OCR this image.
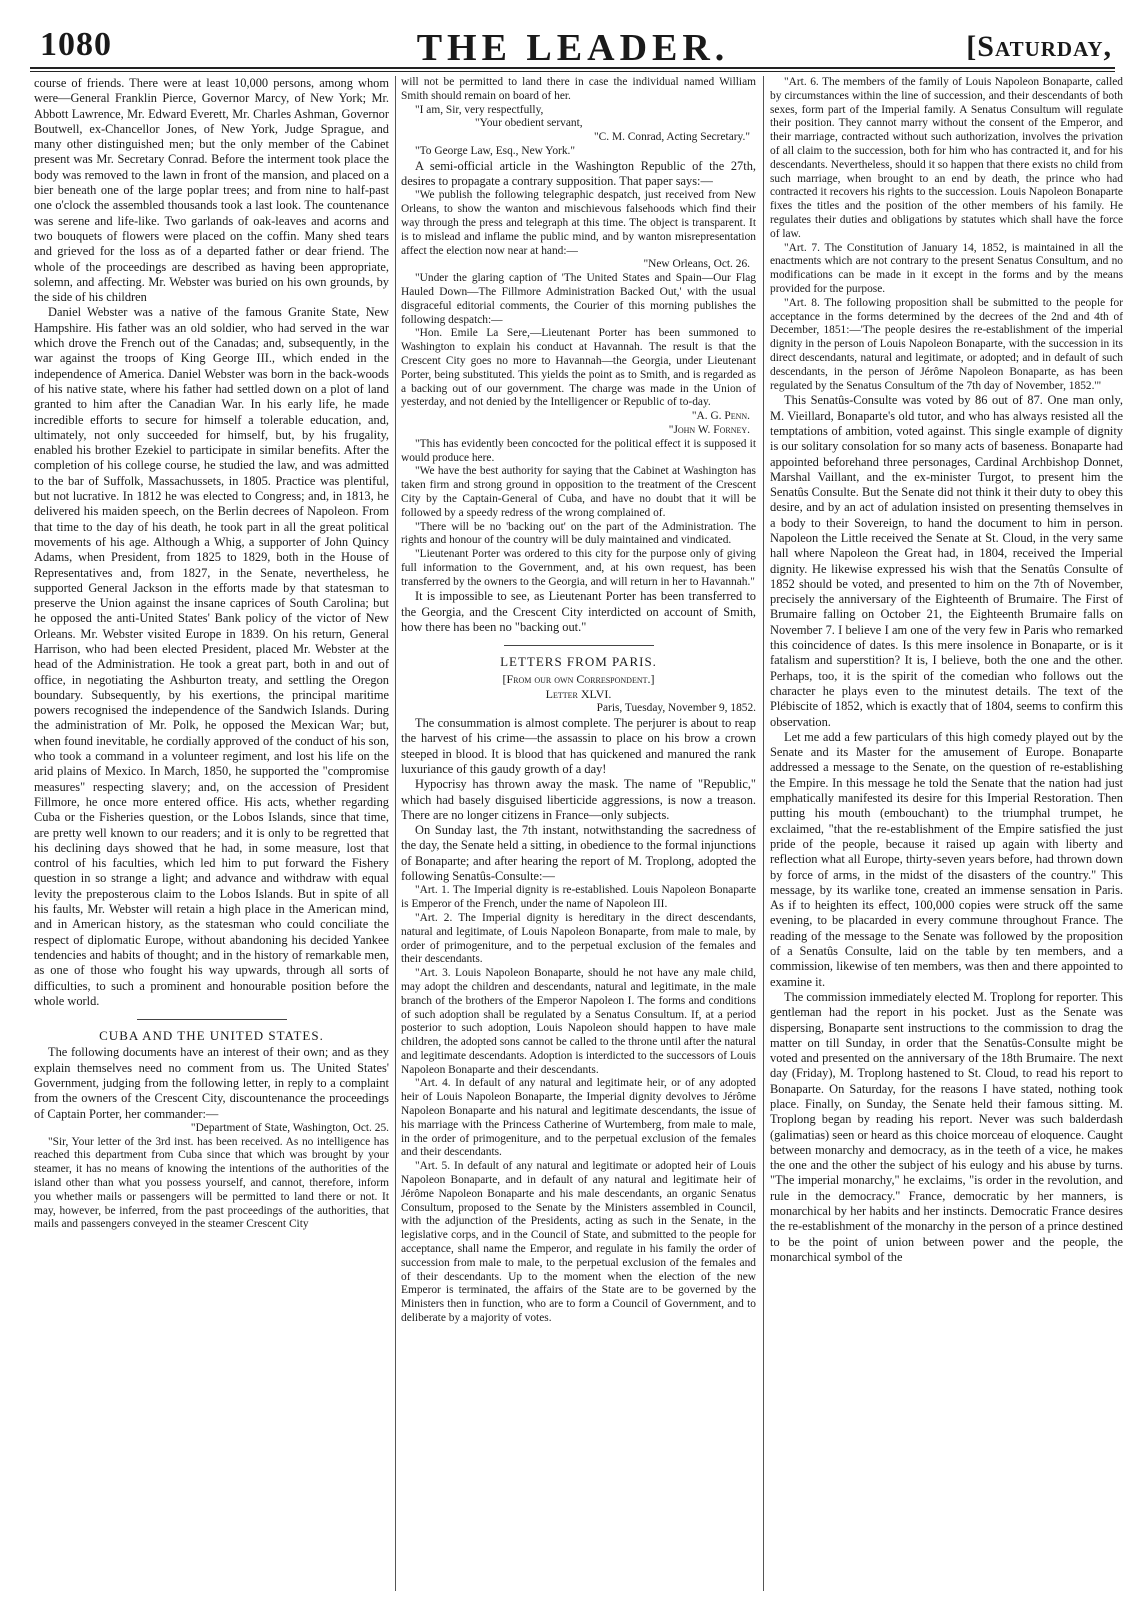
1080	THE LEADER.	[Saturday,

course of friends. There were at least 10,000 persons, among whom were—General Franklin Pierce, Governor Marcy, of New York; Mr. Abbott Lawrence, Mr. Edward Everett, Mr. Charles Ashman, Governor Boutwell, ex-Chancellor Jones, of New York, Judge Sprague, and many other distinguished men; but the only member of the Cabinet present was Mr. Secretary Conrad. Before the interment took place the body was removed to the lawn in front of the mansion, and placed on a bier beneath one of the large poplar trees; and from nine to half-past one o'clock the assembled thousands took a last look. The countenance was serene and life-like. Two garlands of oak-leaves and acorns and two bouquets of flowers were placed on the coffin. Many shed tears and grieved for the loss as of a departed father or dear friend. The whole of the proceedings are described as having been appropriate, solemn, and affecting. Mr. Webster was buried on his own grounds, by the side of his children

Daniel Webster was a native of the famous Granite State, New Hampshire. His father was an old soldier, who had served in the war which drove the French out of the Canadas; and, subsequently, in the war against the troops of King George III., which ended in the independence of America. Daniel Webster was born in the back-woods of his native state, where his father had settled down on a plot of land granted to him after the Canadian War. In his early life, he made incredible efforts to secure for himself a tolerable education, and, ultimately, not only succeeded for himself, but, by his frugality, enabled his brother Ezekiel to participate in similar benefits. After the completion of his college course, he studied the law, and was admitted to the bar of Suffolk, Massachussets, in 1805. Practice was plentiful, but not lucrative. In 1812 he was elected to Congress; and, in 1813, he delivered his maiden speech, on the Berlin decrees of Napoleon. From that time to the day of his death, he took part in all the great political movements of his age. Although a Whig, a supporter of John Quincy Adams, when President, from 1825 to 1829, both in the House of Representatives and, from 1827, in the Senate, nevertheless, he supported General Jackson in the efforts made by that statesman to preserve the Union against the insane caprices of South Carolina; but he opposed the anti-United States' Bank policy of the victor of New Orleans. Mr. Webster visited Europe in 1839. On his return, General Harrison, who had been elected President, placed Mr. Webster at the head of the Administration. He took a great part, both in and out of office, in negotiating the Ashburton treaty, and settling the Oregon boundary. Subsequently, by his exertions, the principal maritime powers recognised the independence of the Sandwich Islands. During the administration of Mr. Polk, he opposed the Mexican War; but, when found inevitable, he cordially approved of the conduct of his son, who took a command in a volunteer regiment, and lost his life on the arid plains of Mexico. In March, 1850, he supported the "compromise measures" respecting slavery; and, on the accession of President Fillmore, he once more entered office. His acts, whether regarding Cuba or the Fisheries question, or the Lobos Islands, since that time, are pretty well known to our readers; and it is only to be regretted that his declining days showed that he had, in some measure, lost that control of his faculties, which led him to put forward the Fishery question in so strange a light; and advance and withdraw with equal levity the preposterous claim to the Lobos Islands. But in spite of all his faults, Mr. Webster will retain a high place in the American mind, and in American history, as the statesman who could conciliate the respect of diplomatic Europe, without abandoning his decided Yankee tendencies and habits of thought; and in the history of remarkable men, as one of those who fought his way upwards, through all sorts of difficulties, to such a prominent and honourable position before the whole world.

CUBA AND THE UNITED STATES.

The following documents have an interest of their own; and as they explain themselves need no comment from us. The United States' Government, judging from the following letter, in reply to a complaint from the owners of the Crescent City, discountenance the proceedings of Captain Porter, her commander:—

"Department of State, Washington, Oct. 25.

"Sir, Your letter of the 3rd inst. has been received. As no intelligence has reached this department from Cuba since that which was brought by your steamer, it has no means of knowing the intentions of the authorities of the island other than what you possess yourself, and cannot, therefore, inform you whether mails or passengers will be permitted to land there or not. It may, however, be inferred, from the past proceedings of the authorities, that mails and passengers conveyed in the steamer Crescent City

will not be permitted to land there in case the individual named William Smith should remain on board of her.

"I am, Sir, very respectfully,

"Your obedient servant,

"C. M. Conrad, Acting Secretary."

"To George Law, Esq., New York."

A semi-official article in the Washington Republic of the 27th, desires to propagate a contrary supposition. That paper says:—

"We publish the following telegraphic despatch, just received from New Orleans, to show the wanton and mischievous falsehoods which find their way through the press and telegraph at this time. The object is transparent. It is to mislead and inflame the public mind, and by wanton misrepresentation affect the election now near at hand:—

"New Orleans, Oct. 26.

"Under the glaring caption of 'The United States and Spain—Our Flag Hauled Down—The Fillmore Administration Backed Out,' with the usual disgraceful editorial comments, the Courier of this morning publishes the following despatch:—

"Hon. Emile La Sere,—Lieutenant Porter has been summoned to Washington to explain his conduct at Havannah. The result is that the Crescent City goes no more to Havannah—the Georgia, under Lieutenant Porter, being substituted. This yields the point as to Smith, and is regarded as a backing out of our government. The charge was made in the Union of yesterday, and not denied by the Intelligencer or Republic of to-day.

"A. G. Penn.

"John W. Forney.

"This has evidently been concocted for the political effect it is supposed it would produce here.

"We have the best authority for saying that the Cabinet at Washington has taken firm and strong ground in opposition to the treatment of the Crescent City by the Captain-General of Cuba, and have no doubt that it will be followed by a speedy redress of the wrong complained of.

"There will be no 'backing out' on the part of the Administration. The rights and honour of the country will be duly maintained and vindicated.

"Lieutenant Porter was ordered to this city for the purpose only of giving full information to the Government, and, at his own request, has been transferred by the owners to the Georgia, and will return in her to Havannah."

It is impossible to see, as Lieutenant Porter has been transferred to the Georgia, and the Crescent City interdicted on account of Smith, how there has been no "backing out."

LETTERS FROM PARIS.

[From our own Correspondent.]

Letter XLVI.

Paris, Tuesday, November 9, 1852.

The consummation is almost complete. The perjurer is about to reap the harvest of his crime—the assassin to place on his brow a crown steeped in blood. It is blood that has quickened and manured the rank luxuriance of this gaudy growth of a day!

Hypocrisy has thrown away the mask. The name of "Republic," which had basely disguised liberticide aggressions, is now a treason. There are no longer citizens in France—only subjects.

On Sunday last, the 7th instant, notwithstanding the sacredness of the day, the Senate held a sitting, in obedience to the formal injunctions of Bonaparte; and after hearing the report of M. Troplong, adopted the following Senatûs-Consulte:—

"Art. 1. The Imperial dignity is re-established. Louis Napoleon Bonaparte is Emperor of the French, under the name of Napoleon III.

"Art. 2. The Imperial dignity is hereditary in the direct descendants, natural and legitimate, of Louis Napoleon Bonaparte, from male to male, by order of primogeniture, and to the perpetual exclusion of the females and their descendants.

"Art. 3. Louis Napoleon Bonaparte, should he not have any male child, may adopt the children and descendants, natural and legitimate, in the male branch of the brothers of the Emperor Napoleon I. The forms and conditions of such adoption shall be regulated by a Senatus Consultum. If, at a period posterior to such adoption, Louis Napoleon should happen to have male children, the adopted sons cannot be called to the throne until after the natural and legitimate descendants. Adoption is interdicted to the successors of Louis Napoleon Bonaparte and their descendants.

"Art. 4. In default of any natural and legitimate heir, or of any adopted heir of Louis Napoleon Bonaparte, the Imperial dignity devolves to Jérôme Napoleon Bonaparte and his natural and legitimate descendants, the issue of his marriage with the Princess Catherine of Wurtemberg, from male to male, in the order of primogeniture, and to the perpetual exclusion of the females and their descendants.

"Art. 5. In default of any natural and legitimate or adopted heir of Louis Napoleon Bonaparte, and in default of any natural and legitimate heir of Jérôme Napoleon Bonaparte and his male descendants, an organic Senatus Consultum, proposed to the Senate by the Ministers assembled in Council, with the adjunction of the Presidents, acting as such in the Senate, in the legislative corps, and in the Council of State, and submitted to the people for acceptance, shall name the Emperor, and regulate in his family the order of succession from male to male, to the perpetual exclusion of the females and of their descendants. Up to the moment when the election of the new Emperor is terminated, the affairs of the State are to be governed by the Ministers then in function, who are to form a Council of Government, and to deliberate by a majority of votes.

"Art. 6. The members of the family of Louis Napoleon Bonaparte, called by circumstances within the line of succession, and their descendants of both sexes, form part of the Imperial family. A Senatus Consultum will regulate their position. They cannot marry without the consent of the Emperor, and their marriage, contracted without such authorization, involves the privation of all claim to the succession, both for him who has contracted it, and for his descendants. Nevertheless, should it so happen that there exists no child from such marriage, when brought to an end by death, the prince who had contracted it recovers his rights to the succession. Louis Napoleon Bonaparte fixes the titles and the position of the other members of his family. He regulates their duties and obligations by statutes which shall have the force of law.

"Art. 7. The Constitution of January 14, 1852, is maintained in all the enactments which are not contrary to the present Senatus Consultum, and no modifications can be made in it except in the forms and by the means provided for the purpose.

"Art. 8. The following proposition shall be submitted to the people for acceptance in the forms determined by the decrees of the 2nd and 4th of December, 1851:—'The people desires the re-establishment of the imperial dignity in the person of Louis Napoleon Bonaparte, with the succession in its direct descendants, natural and legitimate, or adopted; and in default of such descendants, in the person of Jérôme Napoleon Bonaparte, as has been regulated by the Senatus Consultum of the 7th day of November, 1852.'"

This Senatûs-Consulte was voted by 86 out of 87. One man only, M. Vieillard, Bonaparte's old tutor, and who has always resisted all the temptations of ambition, voted against. This single example of dignity is our solitary consolation for so many acts of baseness. Bonaparte had appointed beforehand three personages, Cardinal Archbishop Donnet, Marshal Vaillant, and the ex-minister Turgot, to present him the Senatûs Consulte. But the Senate did not think it their duty to obey this desire, and by an act of adulation insisted on presenting themselves in a body to their Sovereign, to hand the document to him in person. Napoleon the Little received the Senate at St. Cloud, in the very same hall where Napoleon the Great had, in 1804, received the Imperial dignity. He likewise expressed his wish that the Senatûs Consulte of 1852 should be voted, and presented to him on the 7th of November, precisely the anniversary of the Eighteenth of Brumaire. The First of Brumaire falling on October 21, the Eighteenth Brumaire falls on November 7. I believe I am one of the very few in Paris who remarked this coincidence of dates. Is this mere insolence in Bonaparte, or is it fatalism and superstition? It is, I believe, both the one and the other. Perhaps, too, it is the spirit of the comedian who follows out the character he plays even to the minutest details. The text of the Plébiscite of 1852, which is exactly that of 1804, seems to confirm this observation.

Let me add a few particulars of this high comedy played out by the Senate and its Master for the amusement of Europe. Bonaparte addressed a message to the Senate, on the question of re-establishing the Empire. In this message he told the Senate that the nation had just emphatically manifested its desire for this Imperial Restoration. Then putting his mouth (embouchant) to the triumphal trumpet, he exclaimed, "that the re-establishment of the Empire satisfied the just pride of the people, because it raised up again with liberty and reflection what all Europe, thirty-seven years before, had thrown down by force of arms, in the midst of the disasters of the country." This message, by its warlike tone, created an immense sensation in Paris. As if to heighten its effect, 100,000 copies were struck off the same evening, to be placarded in every commune throughout France. The reading of the message to the Senate was followed by the proposition of a Senatûs Consulte, laid on the table by ten members, and a commission, likewise of ten members, was then and there appointed to examine it.

The commission immediately elected M. Troplong for reporter. This gentleman had the report in his pocket. Just as the Senate was dispersing, Bonaparte sent instructions to the commission to drag the matter on till Sunday, in order that the Senatûs-Consulte might be voted and presented on the anniversary of the 18th Brumaire. The next day (Friday), M. Troplong hastened to St. Cloud, to read his report to Bonaparte. On Saturday, for the reasons I have stated, nothing took place. Finally, on Sunday, the Senate held their famous sitting. M. Troplong began by reading his report. Never was such balderdash (galimatias) seen or heard as this choice morceau of eloquence. Caught between monarchy and democracy, as in the teeth of a vice, he makes the one and the other the subject of his eulogy and his abuse by turns. "The imperial monarchy," he exclaims, "is order in the revolution, and rule in the democracy." France, democratic by her manners, is monarchical by her habits and her instincts. Democratic France desires the re-establishment of the monarchy in the person of a prince destined to be the point of union between power and the people, the monarchical symbol of the
